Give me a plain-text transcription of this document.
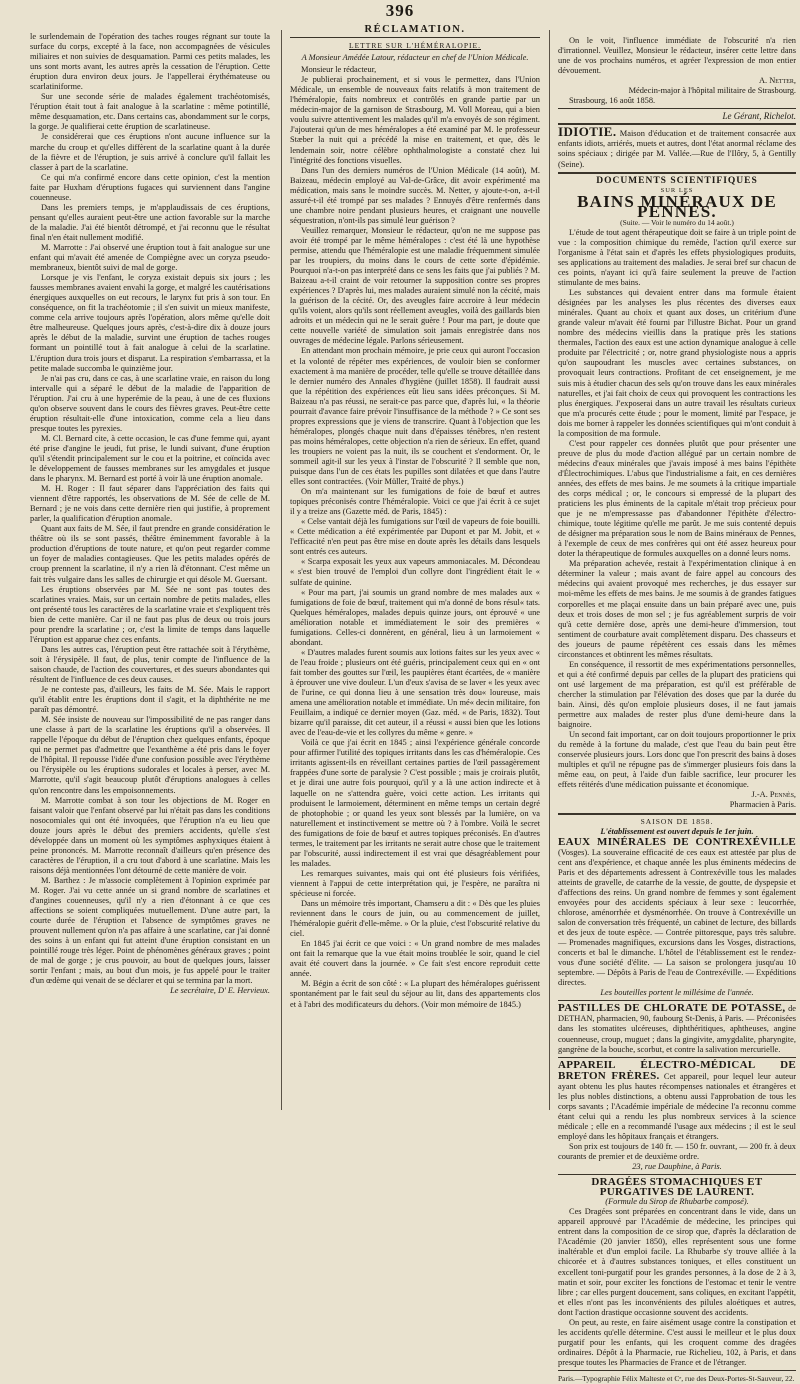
396

le surlendemain de l'opération des taches rouges régnant sur toute la surface du corps, excepté à la face, non accompagnées de vésicules miliaires et non suivies de desquamation. Parmi ces petits malades, les uns sont morts avant, les autres après la cessation de l'éruption. Cette éruption dura environ deux jours. Je l'appellerai érythémateuse ou scarlatiniforme.

Sur une seconde série de malades également trachéotomisés, l'éruption était tout à fait analogue à la scarlatine : même potintillé, même desquamation, etc. Dans certains cas, abondamment sur le corps, la gorge. Je qualifierai cette éruption de scarlatineuse.

Je considérerai que ces éruptions n'ont aucune influence sur la marche du croup et qu'elles diffèrent de la scarlatine quant à la durée de la fièvre et de l'éruption, je suis arrivé à conclure qu'il fallait les classer à part de la scarlatine.

Ce qui m'a confirmé encore dans cette opinion, c'est la mention faite par Huxham d'éruptions fugaces qui surviennent dans l'angine couenneuse.

Dans les premiers temps, je m'applaudissais de ces éruptions, pensant qu'elles auraient peut-être une action favorable sur la marche de la maladie. J'ai été bientôt détrompé, et j'ai reconnu que le résultat final n'en était nullement modifié.

M. Marrotte : J'ai observé une éruption tout à fait analogue sur une enfant qui m'avait été amenée de Compiègne avec un coryza pseudo-membraneux, bientôt suivi de mal de gorge.

Lorsque je vis l'enfant, le coryza existait depuis six jours ; les fausses membranes avaient envahi la gorge, et malgré les cautérisations énergiques auxquelles on eut recours, le larynx fut pris à son tour. En conséquence, on fit la trachéotomie ; il s'en suivit un mieux manifeste, comme cela arrive toujours après l'opération, alors même qu'elle doit être malheureuse. Quelques jours après, c'est-à-dire dix à douze jours après le début de la maladie, survint une éruption de taches rouges formant un pointillé tout à fait analogue à celui de la scarlatine. L'éruption dura trois jours et disparut. La respiration s'embarrassa, et la petite malade succomba le quinzième jour.

Je n'ai pas cru, dans ce cas, à une scarlatine vraie, en raison du long intervalle qui a séparé le début de la maladie de l'apparition de l'éruption. J'ai cru à une hyperémie de la peau, à une de ces fluxions qu'on observe souvent dans le cours des fièvres graves. Peut-être cette éruption résultait-elle d'une intoxication, comme cela a lieu dans presque toutes les pyrexies.

M. Cl. Bernard cite, à cette occasion, le cas d'une femme qui, ayant été prise d'angine le jeudi, fut prise, le lundi suivant, d'une éruption qu'il s'étendit principalement sur le cou et la poitrine, et coïncida avec le développement de fausses membranes sur les amygdales et jusque dans le pharynx. M. Bernard est porté à voir là une éruption anomale.

M. H. Roger : Il faut séparer dans l'appréciation des faits qui viennent d'être rapportés, les observations de M. Sée de celle de M. Bernard ; je ne vois dans cette dernière rien qui justifie, à proprement parler, la qualification d'éruption anomale.

Quant aux faits de M. Sée, il faut prendre en grande considération le théâtre où ils se sont passés, théâtre éminemment favorable à la production d'éruptions de toute nature, et qu'on peut regarder comme un foyer de maladies contagieuses. Que les petits malades opérés de croup prennent la scarlatine, il n'y a rien là d'étonnant. C'est même un fait très vulgaire dans les salles de chirurgie et qui désole M. Guersant.

Les éruptions observées par M. Sée ne sont pas toutes des scarlatines vraies. Mais, sur un certain nombre de petits malades, elles ont présenté tous les caractères de la scarlatine vraie et s'expliquent très bien de cette manière. Car il ne faut pas plus de deux ou trois jours pour prendre la scarlatine ; or, c'est la limite de temps dans laquelle l'éruption est apparue chez ces enfants.

Dans les autres cas, l'éruption peut être rattachée soit à l'érythème, soit à l'érysipèle. Il faut, de plus, tenir compte de l'influence de la saison chaude, de l'action des couvertures, et des sueurs abondantes qui résultent de l'influence de ces deux causes.

Je ne conteste pas, d'ailleurs, les faits de M. Sée. Mais le rapport qu'il établit entre les éruptions dont il s'agit, et la diphthérite ne me paraît pas démontré.

M. Sée insiste de nouveau sur l'impossibilité de ne pas ranger dans une classe à part de la scarlatine les éruptions qu'il a observées. Il rappelle l'époque du début de l'éruption chez quelques enfants, époque qui ne permet pas d'admettre que l'exanthème a été pris dans le foyer de l'hôpital. Il repousse l'idée d'une confusion possible avec l'érythème ou l'érysipèle ou les éruptions sudorales et locales à perser, avec M. Marrotte, qu'il s'agit beaucoup plutôt d'éruptions analogues à celles qu'on rencontre dans les empoisonnements.

M. Marrotte combat à son tour les objections de M. Roger en faisant valoir que l'enfant observé par lui n'était pas dans les conditions nosocomiales qui ont été invoquées, que l'éruption n'a eu lieu que douze jours après le début des premiers accidents, qu'elle s'est développée dans un moment où les symptômes asphyxiques étaient à peine prononcés. M. Marrotte reconnaît d'ailleurs qu'en présence des caractères de l'éruption, il a cru tout d'abord à une scarlatine. Mais les raisons déjà mentionnées l'ont détourné de cette manière de voir.

M. Barthez : Je m'associe complètement à l'opinion exprimée par M. Roger. J'ai vu cette année un si grand nombre de scarlatines et d'angines couenneuses, qu'il n'y a rien d'étonnant à ce que ces affections se soient compliquées mutuellement. D'une autre part, la courte durée de l'éruption et l'absence de symptômes graves ne prouvent nullement qu'on n'a pas affaire à une scarlatine, car j'ai donné des soins à un enfant qui fut atteint d'une éruption consistant en un pointillé rouge très léger. Point de phénomènes généraux graves ; point de mal de gorge ; je crus pouvoir, au bout de quelques jours, laisser sortir l'enfant ; mais, au bout d'un mois, je fus appelé pour le traiter d'un œdème qui venait de se déclarer et qui se termina par la mort.

Le secrétaire, D' E. Hervieux.

RÉCLAMATION.
LETTRE SUR L'HÉMÉRALOPIE.
A Monsieur Amédée Latour, rédacteur en chef de l'Union Médicale.

Monsieur le rédacteur,

Je publierai prochainement, et si vous le permettez, dans l'Union Médicale, un ensemble de nouveaux faits relatifs à mon traitement de l'héméralopie, faits nombreux et contrôlés en grande partie par un médecin-major de la garnison de Strasbourg, M. Voll Moreau, qui a bien voulu suivre attentivement les malades qu'il m'a envoyés de son régiment. J'ajouterai qu'un de mes héméralopes a été examiné par M. le professeur Stæber la nuit qui a précédé la mise en traitement, et que, dès le lendemain soir, notre célèbre ophthalmologiste a constaté chez lui l'intégrité des fonctions visuelles.

Dans l'un des derniers numéros de l'Union Médicale (14 août), M. Baizeau, médecin employé au Val-de-Grâce, dit avoir expérimenté ma médication, mais sans le moindre succès. M. Netter, y ajoute-t-on, a-t-il assuré-t-il été trompé par ses malades ? Ennuyés d'être renfermés dans une chambre noire pendant plusieurs heures, et craignant une nouvelle séquestration, n'ont-ils pas simulé leur guérison ?

Veuillez remarquer, Monsieur le rédacteur, qu'on ne me suppose pas avoir été trompé par le même héméralopes : c'est été là une hypothèse permise, attendu que l'héméralopie est une maladie fréquemment simulée par les troupiers, du moins dans le cours de cette sorte d'épidémie. Pourquoi n'a-t-on pas interprété dans ce sens les faits que j'ai publiés ? M. Baizeau a-t-il craint de voir retourner la supposition contre ses propres expériences ? D'après lui, mes malades auraient simulé non la cécité, mais la guérison de la cécité. Or, des aveugles faire accroire à leur médecin qu'ils voient, alors qu'ils sont réellement aveugles, voilà des gaillards bien adroits et un médecin qui ne le serait guère ! Pour ma part, je doute que cette nouvelle variété de simulation soit jamais enregistrée dans nos ouvrages de médecine légale. Parlons sérieusement.

En attendant mon prochain mémoire, je prie ceux qui auront l'occasion et la volonté de répéter mes expériences, de vouloir bien se conformer exactement à ma manière de procéder, telle qu'elle se trouve détaillée dans le dernier numéro des Annales d'hygiène (juillet 1858). Il faudrait aussi que la répétition des expériences eût lieu sans idées préconçues. Si M. Baizeau n'a pas réussi, ne serait-ce pas parce que, d'après lui, « la théorie pourrait d'avance faire prévoir l'insuffisance de la méthode ? » Ce sont ses propres expressions que je viens de transcrire. Quant à l'objection que les héméralopes, plongés chaque nuit dans d'épaisses ténèbres, n'en restent pas moins héméralopes, cette objection n'a rien de sérieux. En effet, quand les troupiers ne voient pas la nuit, ils se couchent et s'endorment. Or, le sommeil agit-il sur les yeux à l'instar de l'obscurité ? Il semble que non, puisque dans l'un de ces états les pupilles sont dilatées et que dans l'autre elles sont contractées. (Voir Müller, Traité de phys.)

On m'a maintenant sur les fumigations de foie de bœuf et autres topiques préconisés contre l'héméralopie. Voici ce que j'ai écrit à ce sujet il y a treize ans (Gazette méd. de Paris, 1845) :

« Celse vantait déjà les fumigations sur l'œil de vapeurs de foie bouilli. « Cette médication a été expérimentée par Dupont et par M. Jobit, et « l'efficacité n'en peut pas être mise en doute après les détails dans lesquels sont entrés ces auteurs.

« Scarpa exposait les yeux aux vapeurs ammoniacales. M. Décondeau « s'est bien trouvé de l'emploi d'un collyre dont l'ingrédient était le « sulfate de quinine.

« Pour ma part, j'ai soumis un grand nombre de mes malades aux « fumigations de foie de bœuf, traitement qui m'a donné de bons résul« tats. Quelques héméralopes, malades depuis quinze jours, ont éprouvé « une amélioration notable et immédiatement le soir des premières « fumigations. Celles-ci donnèrent, en général, lieu à un larmoiement « abondant.

« D'autres malades furent soumis aux lotions faites sur les yeux avec « de l'eau froide ; plusieurs ont été guéris, principalement ceux qui en « ont fait tomber des gouttes sur l'œil, les paupières étant écartées, de « manière à éprouver une vive douleur. L'un d'eux s'avisa de se laver « les yeux avec de l'urine, ce qui donna lieu à une sensation très dou« loureuse, mais amena une amélioration notable et immédiate. Un mé« decin militaire, fon Feuillaim, a indiqué ce dernier moyen (Gaz. méd. « de Paris, 1832). Tout bizarre qu'il paraisse, dit cet auteur, il a réussi « aussi bien que les lotions avec de l'eau-de-vie et les collyres du même « genre. »

Voilà ce que j'ai écrit en 1845 ; ainsi l'expérience générale concorde pour affirmer l'utilité des topiques irritants dans les cas d'héméralopie. Ces irritants agissent-ils en réveillant certaines parties de l'œil passagèrement frappées d'une sorte de paralysie ? C'est possible ; mais je croirais plutôt, et je dirai une autre fois pourquoi, qu'il y a là une action indirecte et à laquelle on ne s'attendra guère, voici cette action. Les irritants qui produisent le larmoiement, déterminent en même temps un certain degré de photophobie ; or quand les yeux sont blessés par la lumière, on va naturellement et instinctivement se mettre où ? à l'ombre. Voilà le secret des fumigations de foie de bœuf et autres topiques préconisés. En d'autres termes, le traitement par les irritants ne serait autre chose que le traitement par l'obscurité, aussi indirectement il est vrai que désagréablement pour les malades.

Les remarques suivantes, mais qui ont été plusieurs fois vérifiées, viennent à l'appui de cette interprétation qui, je l'espère, ne paraîtra ni spécieuse ni forcée.

Dans un mémoire très important, Chamseru a dit : « Dès que les pluies reviennent dans le cours de juin, ou au commencement de juillet, l'héméralopie guérit d'elle-même. » Or la pluie, c'est l'obscurité relative du ciel.

En 1845 j'ai écrit ce que voici : « Un grand nombre de mes malades ont fait la remarque que la vue était moins troublée le soir, quand le ciel avait été couvert dans la journée. » Ce fait s'est encore reproduit cette année.

M. Bégin a écrit de son côté : « La plupart des héméralopes guérissent spontanément par le fait seul du séjour au lit, dans des appartements clos et à l'abri des modificateurs du dehors. (Voir mon mémoire de 1845.)

On le voit, l'influence immédiate de l'obscurité n'a rien d'irrationnel. Veuillez, Monsieur le rédacteur, insérer cette lettre dans une de vos prochains numéros, et agréer l'expression de mon entier dévouement.

A. Netter,

Médecin-major à l'hôpital militaire de Strasbourg.

Strasbourg, 16 août 1858.

Le Gérant, Richelot.

IDIOTIE. Maison d'éducation et de traitement consacrée aux enfants idiots, arriérés, muets et autres, dont l'état anormal réclame des soins spéciaux ; dirigée par M. Vallée.—Rue de l'Ilôry, 5, à Gentilly (Seine).

DOCUMENTS SCIENTIFIQUES
SUR LES
BAINS MINÉRAUX DE PENNES.
(Suite. — Voir le numéro du 14 août.)

L'étude de tout agent thérapeutique doit se faire à un triple point de vue : la composition chimique du remède, l'action qu'il exerce sur l'organisme à l'état sain et d'après les effets physiologiques produits, ses applications au traitement des maladies. Je serai bref sur chacun de ces points, n'ayant ici qu'à faire seulement la preuve de l'action stimulante de mes bains.

Les substances qui devaient entrer dans ma formule étaient désignées par les analyses les plus récentes des diverses eaux minérales. Quant au choix et quant aux doses, un critérium d'une grande valeur m'avait été fourni par l'illustre Bichat. Pour un grand nombre des médecins vieillis dans la pratique près les stations thermales, l'action des eaux est une action dynamique analogue à celle produite par l'électricité ; or, notre grand physiologiste nous a appris qu'on saupoudrant les muscles avec certaines substances, on provoquait leurs contractions. Profitant de cet enseignement, je me suis mis à étudier chacun des sels qu'on trouve dans les eaux minérales naturelles, et j'ai fait choix de ceux qui provoquent les contractions les plus énergiques. J'exposerai dans un autre travail les résultats curieux que m'a procurés cette étude ; pour le moment, limité par l'espace, je dois me borner à rappeler les données scientifiques qui m'ont conduit à la composition de ma formule.

C'est pour rappeler ces données plutôt que pour présenter une preuve de plus du mode d'action allégué par un certain nombre de médecins d'eaux minérales que j'avais imposé à mes bains l'épithète d'Électrochimiques. L'abus que l'industrialisme a fait, en ces dernières années, des effets de mes bains. Je me soumets à la critique impartiale des corps médical ; or, le concours si empressé de la plupart des praticiens les plus éminents de la capitale m'était trop précieux pour que je ne m'empressasse pas d'abandonner l'épithète d'électro-chimique, toute légitime qu'elle me parût. Je me suis contenté depuis de désigner ma préparation sous le nom de Bains minéraux de Pennes, à l'exemple de ceux de mes confrères qui ont été assez heureux pour doter la thérapeutique de formules auxquelles on a donné leurs noms.

Ma préparation achevée, restait à l'expérimentation clinique à en déterminer la valeur ; mais avant de faire appel au concours des médecins qui avaient provoqué mes recherches, je dus essayer sur moi-même les effets de mes bains. Je me soumis à de grandes fatigues corporelles et me plaçai ensuite dans un bain préparé avec une, puis deux et trois doses de mon sel ; je fus agréablement surpris de voir qu'à cette dernière dose, après une demi-heure d'immersion, tout sentiment de courbature avait complètement disparu. Des chasseurs et des joueurs de paume répétèrent ces essais dans les mêmes circonstances et obtinrent les mêmes résultats.

En conséquence, il ressortit de mes expérimentations personnelles, et qui a été confirmé depuis par celles de la plupart des praticiens qui ont usé largement de ma préparation, est qu'il est préférable de chercher la stimulation par l'élévation des doses que par la durée du bain. Ainsi, dès qu'on emploie plusieurs doses, il ne faut jamais permettre aux malades de rester plus d'une demi-heure dans la baignoire.

Un second fait important, car on doit toujours proportionner le prix du remède à la fortune du malade, c'est que l'eau du bain peut être conservée plusieurs jours. Lors donc que l'on prescrit des bains à doses multiples et qu'il ne répugne pas de s'immerger plusieurs fois dans la même eau, on peut, à l'aide d'un faible sacrifice, leur procurer les effets réitérés d'une médication puissante et économique.

J.-A. Pennès,

Pharmacien à Paris.

SAISON DE 1858.
L'établissement est ouvert depuis le 1er juin.

EAUX MINÉRALES DE CONTREXÉVILLE (Vosges). La souveraine efficacité de ces eaux est attestée par plus de cent ans d'expérience, et chaque année les plus éminents médecins de Paris et des départements adressent à Contrexéville tous les malades atteints de gravelle, de catarrhe de la vessie, de goutte, de dyspepsie et d'affections des reins. Un grand nombre de femmes y sont également envoyées pour des accidents spéciaux à leur sexe : leucorrhée, chlorose, aménorrhée et dysménorrhée. On trouve à Contrexéville un salon de conversation très fréquenté, un cabinet de lecture, des billards et des jeux de toute espèce. — Contrée pittoresque, pays très salubre. — Promenades magnifiques, excursions dans les Vosges, distractions, concerts et bal le dimanche. L'hôtel de l'établissement est le rendez-vous d'une société d'élite. — La saison se prolongera jusqu'au 10 septembre. — Dépôts à Paris de l'eau de Contrexéville. — Expéditions directes.

Les bouteilles portent le millésime de l'année.

PASTILLES DE CHLORATE DE POTASSE, de DETHAN, pharmacien, 90, faubourg St-Denis, à Paris. — Préconisées dans les stomatites ulcéreuses, diphthéritiques, aphtheuses, angine couenneuse, croup, muguet ; dans la gingivite, amygdalite, pharyngite, gangrène de la bouche, scorbut, et contre la salivation mercurielle.

APPAREIL ÉLECTRO-MÉDICAL DE BRETON FRÈRES. Cet appareil, pour lequel leur auteur ayant obtenu les plus hautes récompenses nationales et étrangères et les plus nobles distinctions, a obtenu aussi l'approbation de tous les corps savants ; l'Académie impériale de médecine l'a reconnu comme étant celui qui a rendu les plus nombreux services à la science médicale ; elle en a recommandé l'usage aux médecins ; il est le seul employé dans les hôpitaux français et étrangers.

Son prix est toujours de 140 fr. — 150 fr. ouvrant, — 200 fr. à deux courants de premier et de deuxième ordre.

23, rue Dauphine, à Paris.

DRAGÉES STOMACHIQUES ET PURGATIVES DE LAURENT.
(Formule du Sirop de Rhubarbe composé).

Ces Dragées sont préparées en concentrant dans le vide, dans un appareil approuvé par l'Académie de médecine, les principes qui entrent dans la composition de ce sirop que, d'après la déclaration de l'Académie (20 janvier 1850), elles représentent sous une forme inaltérable et d'un emploi facile. La Rhubarbe s'y trouve alliée à la chicorée et à d'autres substances toniques, et elles constituent un excellent toni-purgatif pour les grandes personnes, à la dose de 2 à 3, matin et soir, pour exciter les fonctions de l'estomac et tenir le ventre libre ; car elles purgent doucement, sans coliques, en excitant l'appétit, et elles n'ont pas les inconvénients des pilules aloétiques et autres, dont l'action drastique occasionne souvent des accidents.

On peut, au reste, en faire aisément usage contre la constipation et les accidents qu'elle détermine. C'est aussi le meilleur et le plus doux purgatif pour les enfants, qui les croquent comme des dragées ordinaires. Dépôt à la Pharmacie, rue Richelieu, 102, à Paris, et dans presque toutes les Pharmacies de France et de l'étranger.

Paris.—Typographie Félix Malteste et Cᵉ, rue des Deux-Portes-St-Sauveur, 22.
